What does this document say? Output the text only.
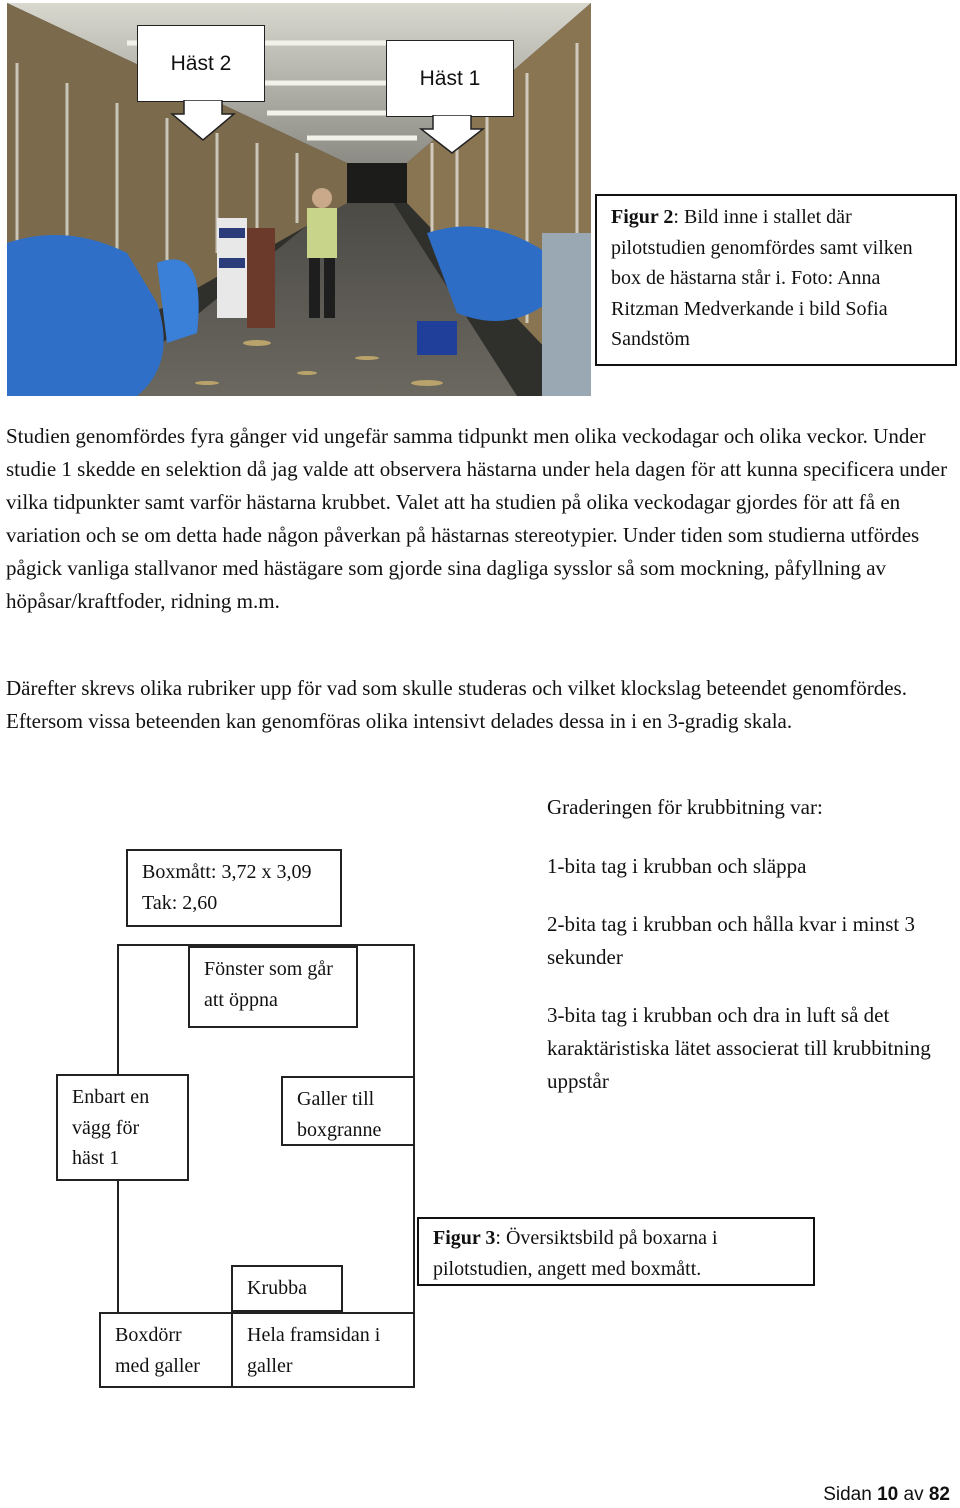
Häst 2
Häst 1
Figur 2: Bild inne i stallet där pilotstudien genomfördes samt vilken box de hästarna står i. Foto: Anna Ritzman Medverkande i bild Sofia Sandstöm

Studien genomfördes fyra gånger vid ungefär samma tidpunkt men olika veckodagar och olika veckor. Under studie 1 skedde en selektion då jag valde att observera hästarna under hela dagen för att kunna specificera under vilka tidpunkter samt varför hästarna krubbet. Valet att ha studien på olika veckodagar gjordes för att få en variation och se om detta hade någon påverkan på hästarnas stereotypier. Under tiden som studierna utfördes pågick vanliga stallvanor med hästägare som gjorde sina dagliga sysslor så som mockning, påfyllning av höpåsar/kraftfoder, ridning m.m.

Därefter skrevs olika rubriker upp för vad som skulle studeras och vilket klockslag beteendet genomfördes. Eftersom vissa beteenden kan genomföras olika intensivt delades dessa in i en 3-gradig skala.

Boxmått: 3,72 x 3,09 Tak: 2,60
Fönster som går att öppna
Enbart en vägg för häst 1
Galler till boxgranne
Krubba
Boxdörr med galler
Hela framsidan i galler
Graderingen för krubbitning var:
1-bita tag i krubban och släppa
2-bita tag i krubban och hålla kvar i minst 3 sekunder
3-bita tag i krubban och dra in luft så det karaktäristiska lätet associerat till krubbitning uppstår
Figur 3: Översiktsbild på boxarna i pilotstudien, angett med boxmått.
Sidan 10 av 82
